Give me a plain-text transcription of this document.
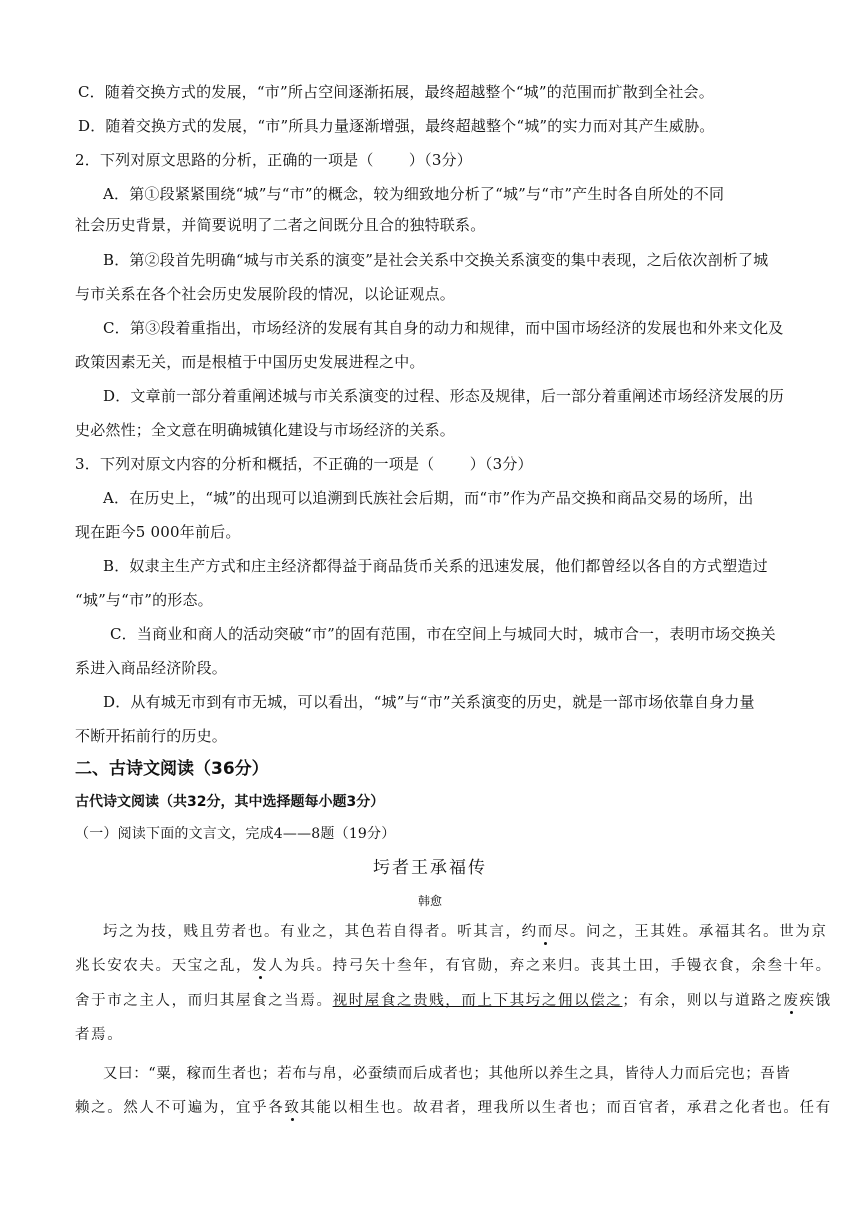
C．随着交换方式的发展，“市”所占空间逐渐拓展，最终超越整个“城”的范围而扩散到全社会。
D．随着交换方式的发展，“市”所具力量逐渐增强，最终超越整个“城”的实力而对其产生威胁。
2．下列对原文思路的分析，正确的一项是（　　 ）（3分）
A．第①段紧紧围绕“城”与“市”的概念，较为细致地分析了“城”与“市”产生时各自所处的不同
社会历史背景，并简要说明了二者之间既分且合的独特联系。
B．第②段首先明确“城与市关系的演变”是社会关系中交换关系演变的集中表现，之后依次剖析了城
与市关系在各个社会历史发展阶段的情况，以论证观点。
C．第③段着重指出，市场经济的发展有其自身的动力和规律，而中国市场经济的发展也和外来文化及
政策因素无关，而是根植于中国历史发展进程之中。
D．文章前一部分着重阐述城与市关系演变的过程、形态及规律，后一部分着重阐述市场经济发展的历
史必然性；全文意在明确城镇化建设与市场经济的关系。
3．下列对原文内容的分析和概括，不正确的一项是（　　 ）（3分）
A．在历史上，“城”的出现可以追溯到氏族社会后期，而“市”作为产品交换和商品交易的场所，出
现在距今5 000年前后。
B．奴隶主生产方式和庄主经济都得益于商品货币关系的迅速发展，他们都曾经以各自的方式塑造过
“城”与“市”的形态。
C．当商业和商人的活动突破“市”的固有范围，市在空间上与城同大时，城市合一，表明市场交换关
系进入商品经济阶段。
D．从有城无市到有市无城，可以看出，“城”与“市”关系演变的历史，就是一部市场依靠自身力量
不断开拓前行的历史。
二、古诗文阅读（36分）
古代诗文阅读（共32分，其中选择题每小题3分）
（一）阅读下面的文言文，完成4——8题（19分）
圬者王承福传
韩愈
圬之为技，贱且劳者也。有业之，其色若自得者。听其言，约而尽。问之，王其姓。承福其名。世为京
兆长安农夫。天宝之乱，发人为兵。持弓矢十叁年，有官勋，弃之来归。丧其土田，手镘衣食，余叁十年。
舍于市之主人，而归其屋食之当焉。视时屋食之贵贱，而上下其圬之佣以偿之；有余，则以与道路之废疾饿
者焉。
又曰：“粟，稼而生者也；若布与帛，必蚕绩而后成者也；其他所以养生之具，皆待人力而后完也；吾皆
赖之。然人不可遍为，宜乎各致其能以相生也。故君者，理我所以生者也；而百官者，承君之化者也。任有
